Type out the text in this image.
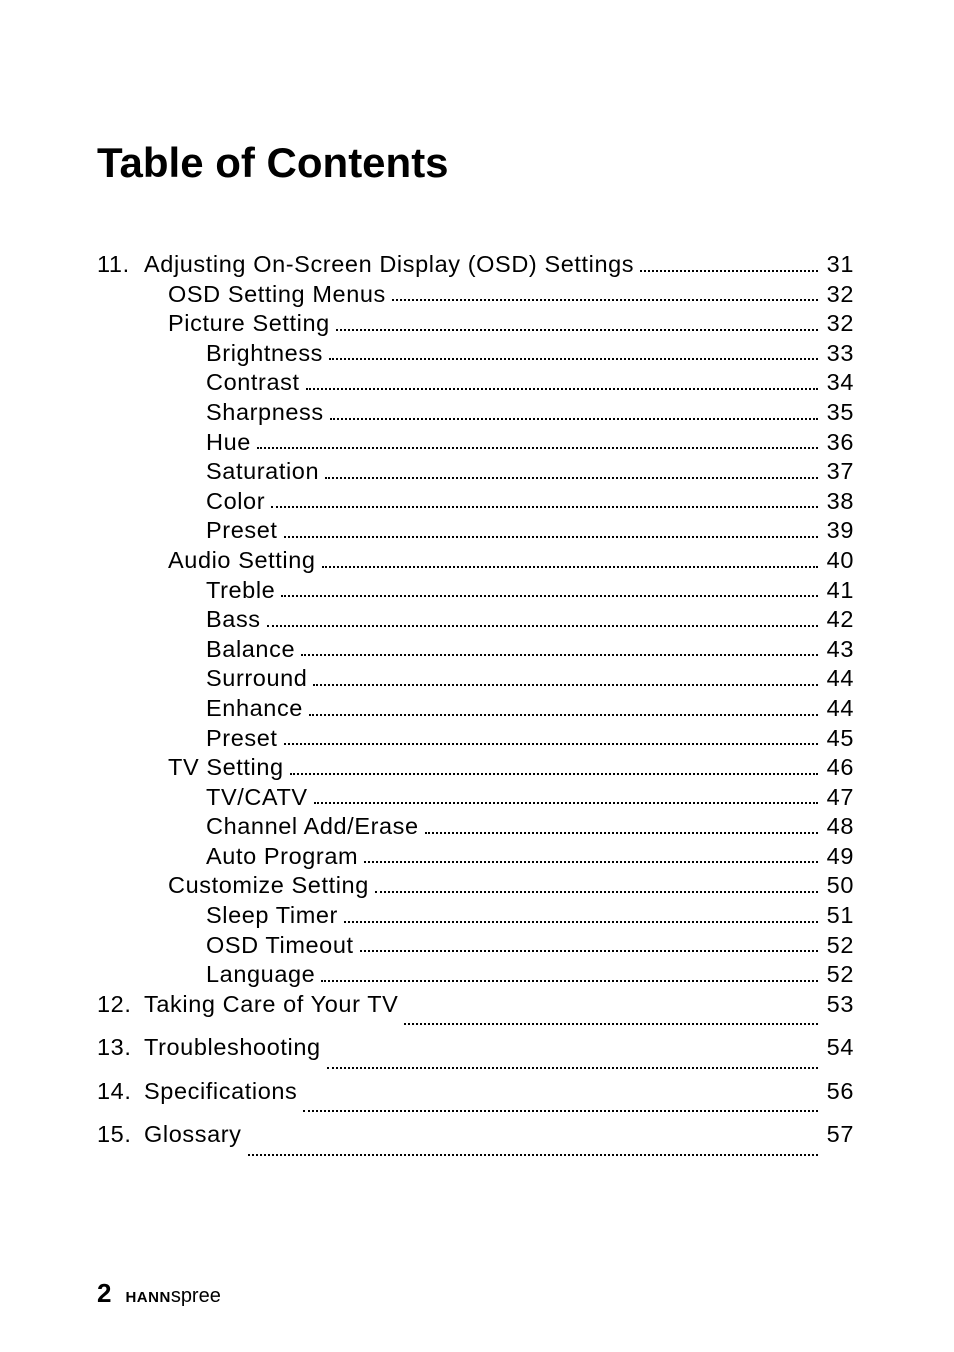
Table of Contents
11. Adjusting On-Screen Display (OSD) Settings	31
OSD Setting Menus	32
Picture Setting	32
Brightness	33
Contrast	34
Sharpness	35
Hue	36
Saturation	37
Color	38
Preset	39
Audio Setting	40
Treble	41
Bass	42
Balance	43
Surround	44
Enhance	44
Preset	45
TV Setting	46
TV/CATV	47
Channel Add/Erase	48
Auto Program	49
Customize Setting	50
Sleep Timer	51
OSD Timeout	52
Language	52
12. Taking Care of Your TV	53
13. Troubleshooting	54
14. Specifications	56
15. Glossary	57
2 HANNspree
